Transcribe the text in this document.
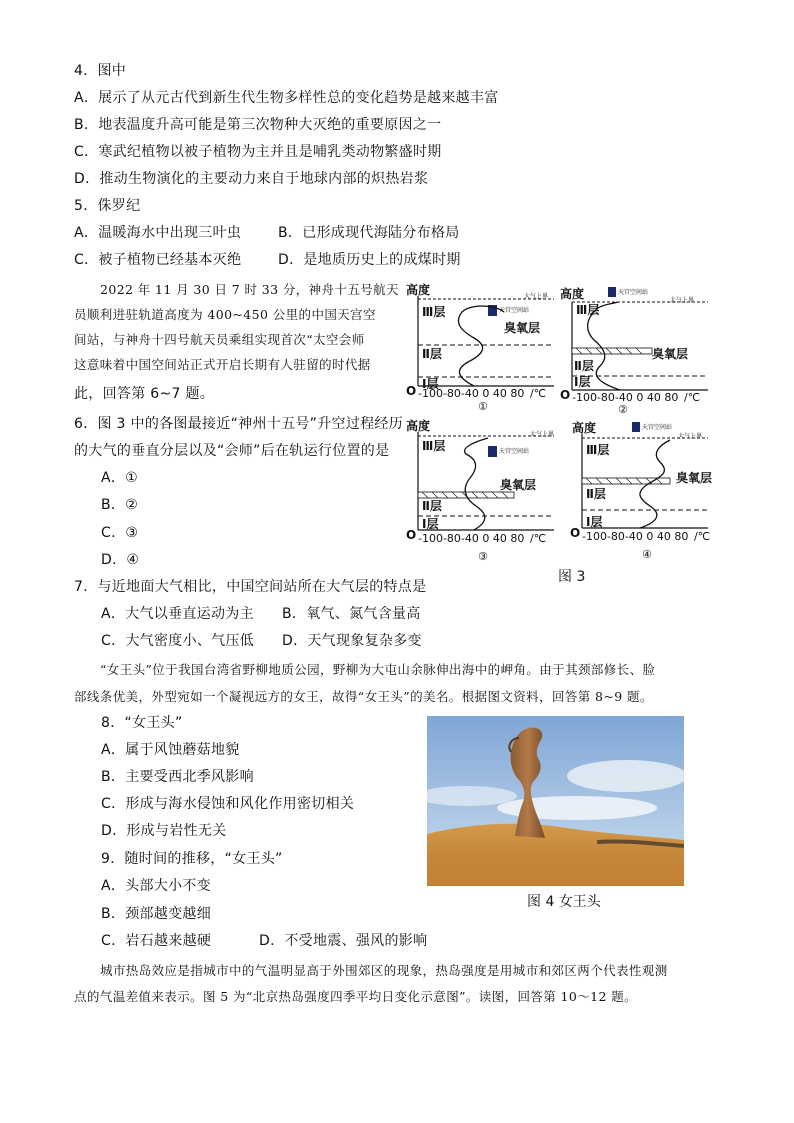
4．图中
A．展示了从元古代到新生代生物多样性总的变化趋势是越来越丰富
B．地表温度升高可能是第三次物种大灭绝的重要原因之一
C．寒武纪植物以被子植物为主并且是哺乳类动物繁盛时期
D．推动生物演化的主要动力来自于地球内部的炽热岩浆
5．侏罗纪
A．温暖海水中出现三叶虫	B．已形成现代海陆分布格局
C．被子植物已经基本灭绝	D．是地质历史上的成煤时期
2022 年 11 月 30 日 7 时 33 分，神舟十五号航天
员顺利进驻轨道高度为 400~450 公里的中国天宫空
间站，与神舟十四号航天员乘组实现首次“太空会师
这意味着中国空间站正式开启长期有人驻留的时代据
此，回答第 6~7 题。
6．图 3 中的各图最接近“神州十五号”升空过程经历
的大气的垂直分层以及“会师”后在轨运行位置的是
A．①
B．②
C．③
D．④
7．与近地面大气相比，中国空间站所在大气层的特点是
A．大气以垂直运动为主 B．氧气、氮气含量高
C．大气密度小、气压低 D．天气现象复杂多变
“女王头”位于我国台湾省野柳地质公园，野柳为大屯山余脉伸出海中的岬角。由于其颈部修长、脸
部线条优美，外型宛如一个凝视远方的女王，故得“女王头”的美名。根据图文资料，回答第 8~9 题。
8．“女王头”
A．属于风蚀蘑菇地貌
B．主要受西北季风影响
C．形成与海水侵蚀和风化作用密切相关
D．形成与岩性无关
9．随时间的推移，“女王头”
A．头部大小不变
B．颈部越变越细
C．岩石越来越硬	D．不受地震、强风的影响
城市热岛效应是指城市中的气温明显高于外围郊区的现象，热岛强度是用城市和郊区两个代表性观测
点的气温差值来表示。图 5 为“北京热岛强度四季平均日变化示意图”。读图，回答第 10～12 题。
高度	大气上界
Ⅲ层	天宫空间站
臭氧层
Ⅱ层
Ⅰ层
O -100-80-40 0 40 80 /℃
①
高度	天宫空间站
大气上界
Ⅲ层
臭氧层
Ⅱ层
Ⅰ层
O -100-80-40 0 40 80 /℃
②
高度
大气上界
Ⅲ层	天宫空间站
臭氧层
Ⅱ层
Ⅰ层
O -100-80-40 0 40 80 /℃
③
高度	天宫空间站
大气上界
Ⅲ层
臭氧层
Ⅱ层
Ⅰ层
O -100-80-40 0 40 80 /℃
④
图 3
图 4 女王头
